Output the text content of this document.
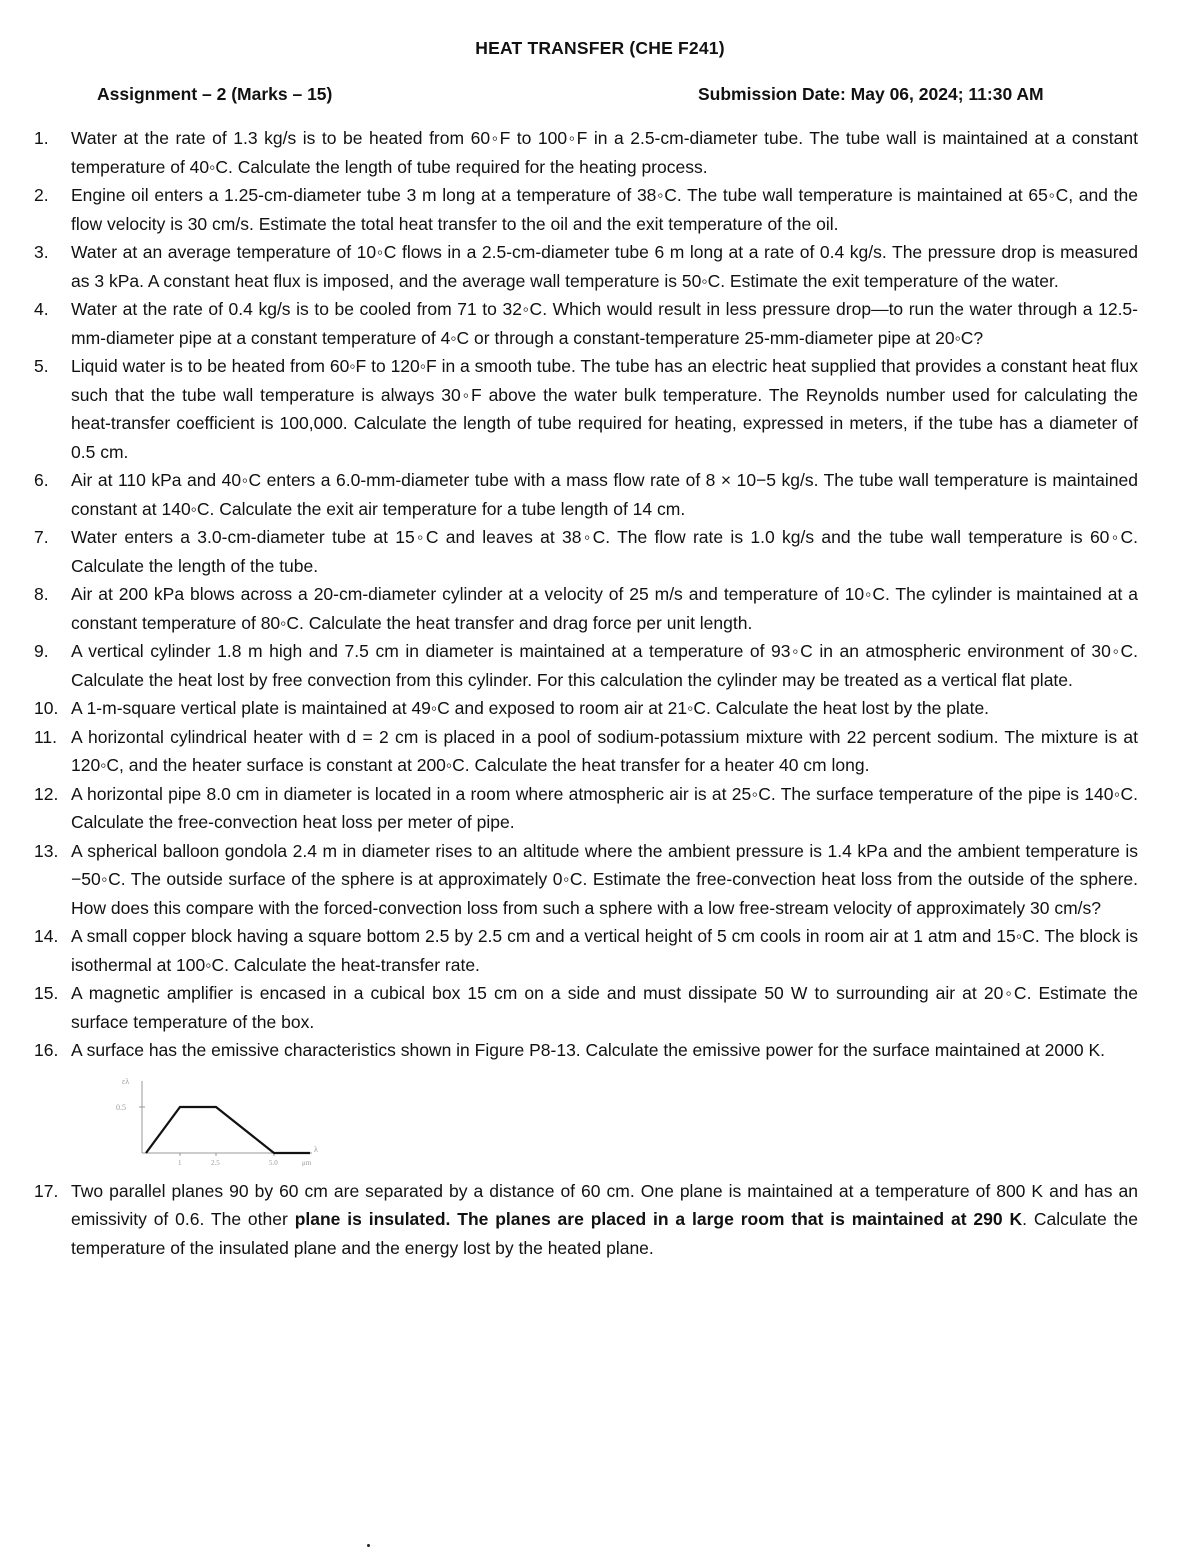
HEAT TRANSFER (CHE F241)
Assignment – 2 (Marks – 15)	Submission Date: May 06, 2024; 11:30 AM
1.	Water at the rate of 1.3 kg/s is to be heated from 60◦F to 100◦F in a 2.5-cm-diameter tube. The tube wall is maintained at a constant temperature of 40◦C. Calculate the length of tube required for the heating process.
2.	Engine oil enters a 1.25-cm-diameter tube 3 m long at a temperature of 38◦C. The tube wall temperature is maintained at 65◦C, and the flow velocity is 30 cm/s. Estimate the total heat transfer to the oil and the exit temperature of the oil.
3.	Water at an average temperature of 10◦C flows in a 2.5-cm-diameter tube 6 m long at a rate of 0.4 kg/s. The pressure drop is measured as 3 kPa. A constant heat flux is imposed, and the average wall temperature is 50◦C. Estimate the exit temperature of the water.
4.	Water at the rate of 0.4 kg/s is to be cooled from 71 to 32◦C. Which would result in less pressure drop—to run the water through a 12.5-mm-diameter pipe at a constant temperature of 4◦C or through a constant-temperature 25-mm-diameter pipe at 20◦C?
5.	Liquid water is to be heated from 60◦F to 120◦F in a smooth tube. The tube has an electric heat supplied that provides a constant heat flux such that the tube wall temperature is always 30◦F above the water bulk temperature. The Reynolds number used for calculating the heat-transfer coefficient is 100,000. Calculate the length of tube required for heating, expressed in meters, if the tube has a diameter of 0.5 cm.
6.	Air at 110 kPa and 40◦C enters a 6.0-mm-diameter tube with a mass flow rate of 8 × 10−5 kg/s. The tube wall temperature is maintained constant at 140◦C. Calculate the exit air temperature for a tube length of 14 cm.
7.	Water enters a 3.0-cm-diameter tube at 15◦C and leaves at 38◦C. The flow rate is 1.0 kg/s and the tube wall temperature is 60◦C. Calculate the length of the tube.
8.	Air at 200 kPa blows across a 20-cm-diameter cylinder at a velocity of 25 m/s and temperature of 10◦C. The cylinder is maintained at a constant temperature of 80◦C. Calculate the heat transfer and drag force per unit length.
9.	A vertical cylinder 1.8 m high and 7.5 cm in diameter is maintained at a temperature of 93◦C in an atmospheric environment of 30◦C. Calculate the heat lost by free convection from this cylinder. For this calculation the cylinder may be treated as a vertical flat plate.
10. A 1-m-square vertical plate is maintained at 49◦C and exposed to room air at 21◦C. Calculate the heat lost by the plate.
11. A horizontal cylindrical heater with d = 2 cm is placed in a pool of sodium-potassium mixture with 22 percent sodium. The mixture is at 120◦C, and the heater surface is constant at 200◦C. Calculate the heat transfer for a heater 40 cm long.
12. A horizontal pipe 8.0 cm in diameter is located in a room where atmospheric air is at 25◦C. The surface temperature of the pipe is 140◦C. Calculate the free-convection heat loss per meter of pipe.
13. A spherical balloon gondola 2.4 m in diameter rises to an altitude where the ambient pressure is 1.4 kPa and the ambient temperature is −50◦C. The outside surface of the sphere is at approximately 0◦C. Estimate the free-convection heat loss from the outside of the sphere. How does this compare with the forced-convection loss from such a sphere with a low free-stream velocity of approximately 30 cm/s?
14. A small copper block having a square bottom 2.5 by 2.5 cm and a vertical height of 5 cm cools in room air at 1 atm and 15◦C. The block is isothermal at 100◦C. Calculate the heat-transfer rate.
15. A magnetic amplifier is encased in a cubical box 15 cm on a side and must dissipate 50 W to surrounding air at 20◦C. Estimate the surface temperature of the box.
16. A surface has the emissive characteristics shown in Figure P8-13. Calculate the emissive power for the surface maintained at 2000 K.
0.5
ελ
λ
1	2.5	5.0	μm
17. Two parallel planes 90 by 60 cm are separated by a distance of 60 cm. One plane is maintained at a temperature of 800 K and has an emissivity of 0.6. The other plane is insulated. The planes are placed in a large room that is maintained at 290 K. Calculate the temperature of the insulated plane and the energy lost by the heated plane.
